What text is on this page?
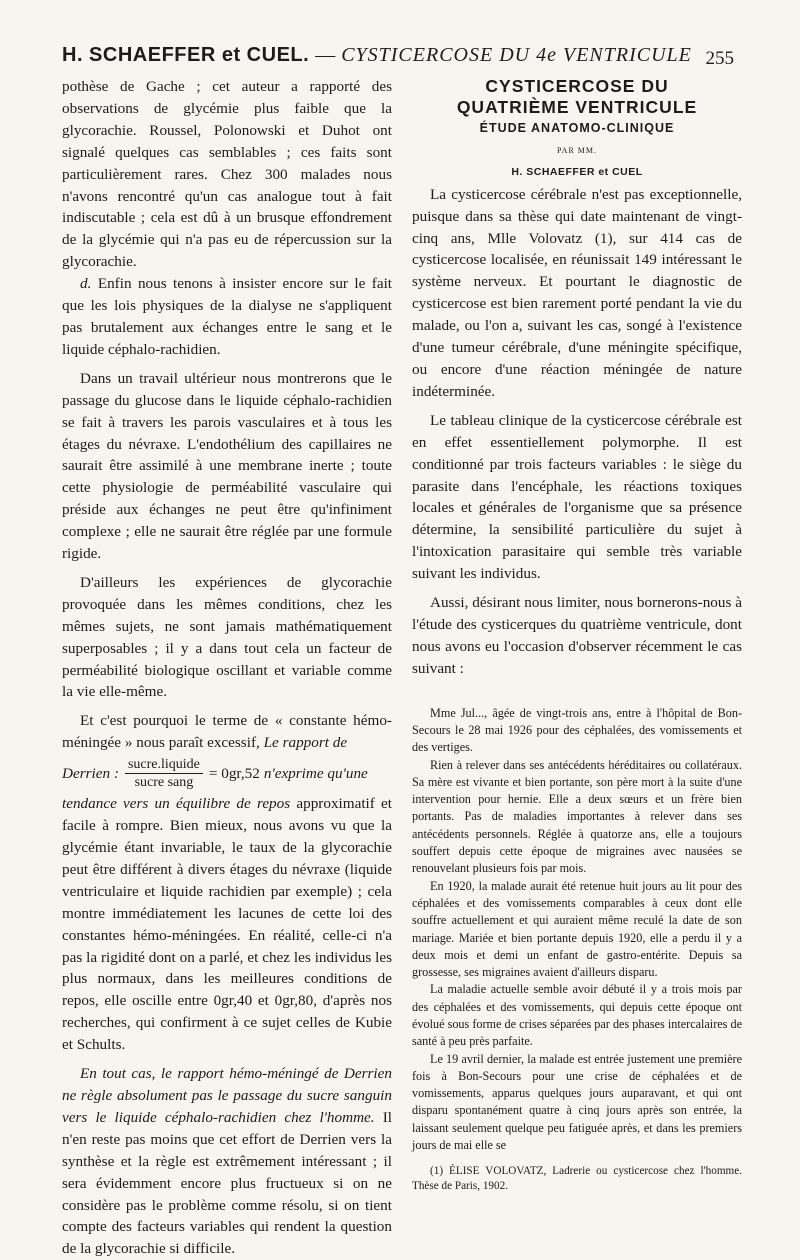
H. SCHAEFFER et CUEL. — CYSTICERCOSE DU 4e VENTRICULE 255

pothèse de Gache ; cet auteur a rapporté des observations de glycémie plus faible que la glycorachie. Roussel, Polonowski et Duhot ont signalé quelques cas semblables ; ces faits sont particulièrement rares. Chez 300 malades nous n'avons rencontré qu'un cas analogue tout à fait indiscutable ; cela est dû à un brusque effondrement de la glycémie qui n'a pas eu de répercussion sur la glycorachie.

d. Enfin nous tenons à insister encore sur le fait que les lois physiques de la dialyse ne s'appliquent pas brutalement aux échanges entre le sang et le liquide céphalo-rachidien.

Dans un travail ultérieur nous montrerons que le passage du glucose dans le liquide céphalo-rachidien se fait à travers les parois vasculaires et à tous les étages du névraxe. L'endothélium des capillaires ne saurait être assimilé à une membrane inerte ; toute cette physiologie de perméabilité vasculaire qui préside aux échanges ne peut être qu'infiniment complexe ; elle ne saurait être réglée par une formule rigide.

D'ailleurs les expériences de glycorachie provoquée dans les mêmes conditions, chez les mêmes sujets, ne sont jamais mathématiquement superposables ; il y a dans tout cela un facteur de perméabilité biologique oscillant et variable comme la vie elle-même.

Et c'est pourquoi le terme de « constante hémo-méningée » nous paraît excessif, Le rapport de

Derrien : $\frac{\text{sucre.liquide}}{\text{sucre sang}} = 0gr,52$ n'exprime qu'une

tendance vers un équilibre de repos approximatif et facile à rompre. Bien mieux, nous avons vu que la glycémie étant invariable, le taux de la glycorachie peut être différent à divers étages du névraxe (liquide ventriculaire et liquide rachidien par exemple) ; cela montre immédiatement les lacunes de cette loi des constantes hémo-méningées. En réalité, celle-ci n'a pas la rigidité dont on a parlé, et chez les individus les plus normaux, dans les meilleures conditions de repos, elle oscille entre 0gr,40 et 0gr,80, d'après nos recherches, qui confirment à ce sujet celles de Kubie et Schults.

En tout cas, le rapport hémo-méningé de Derrien ne règle absolument pas le passage du sucre sanguin vers le liquide céphalo-rachidien chez l'homme. Il n'en reste pas moins que cet effort de Derrien vers la synthèse et la règle est extrêmement intéressant ; il sera évidemment encore plus fructueux si on ne considère pas le problème comme résolu, si on tient compte des facteurs variables qui rendent la question de la glycorachie si difficile.

CYSTICERCOSE DU

QUATRIÈME VENTRICULE

ÉTUDE ANATOMO-CLINIQUE

PAR MM.

H. SCHAEFFER et CUEL

La cysticercose cérébrale n'est pas exceptionnelle, puisque dans sa thèse qui date maintenant de vingt-cinq ans, Mlle Volovatz (1), sur 414 cas de cysticercose localisée, en réunissait 149 intéressant le système nerveux. Et pourtant le diagnostic de cysticercose est bien rarement porté pendant la vie du malade, ou l'on a, suivant les cas, songé à l'existence d'une tumeur cérébrale, d'une méningite spécifique, ou encore d'une réaction méningée de nature indéterminée.

Le tableau clinique de la cysticercose cérébrale est en effet essentiellement polymorphe. Il est conditionné par trois facteurs variables : le siège du parasite dans l'encéphale, les réactions toxiques locales et générales de l'organisme que sa présence détermine, la sensibilité particulière du sujet à l'intoxication parasitaire qui semble très variable suivant les individus.

Aussi, désirant nous limiter, nous bornerons-nous à l'étude des cysticerques du quatrième ventricule, dont nous avons eu l'occasion d'observer récemment le cas suivant :

Mme Jul..., âgée de vingt-trois ans, entre à l'hôpital de Bon-Secours le 28 mai 1926 pour des céphalées, des vomissements et des vertiges.

Rien à relever dans ses antécédents héréditaires ou collatéraux. Sa mère est vivante et bien portante, son père mort à la suite d'une intervention pour hernie. Elle a deux sœurs et un frère bien portants. Pas de maladies importantes à relever dans ses antécédents personnels. Réglée à quatorze ans, elle a toujours souffert depuis cette époque de migraines avec nausées se renouvelant plusieurs fois par mois.

En 1920, la malade aurait été retenue huit jours au lit pour des céphalées et des vomissements comparables à ceux dont elle souffre actuellement et qui auraient même reculé la date de son mariage. Mariée et bien portante depuis 1920, elle a perdu il y a deux mois et demi un enfant de gastro-entérite. Depuis sa grossesse, ses migraines avaient d'ailleurs disparu.

La maladie actuelle semble avoir débuté il y a trois mois par des céphalées et des vomissements, qui depuis cette époque ont évolué sous forme de crises séparées par des phases intercalaires de santé à peu près parfaite.

Le 19 avril dernier, la malade est entrée justement une première fois à Bon-Secours pour une crise de céphalées et de vomissements, apparus quelques jours auparavant, et qui ont disparu spontanément quatre à cinq jours après son entrée, la laissant seulement quelque peu fatiguée après, et dans les premiers jours de mai elle se

(1) ÉLISE VOLOVATZ, Ladrerie ou cysticercose chez l'homme. Thèse de Paris, 1902.
